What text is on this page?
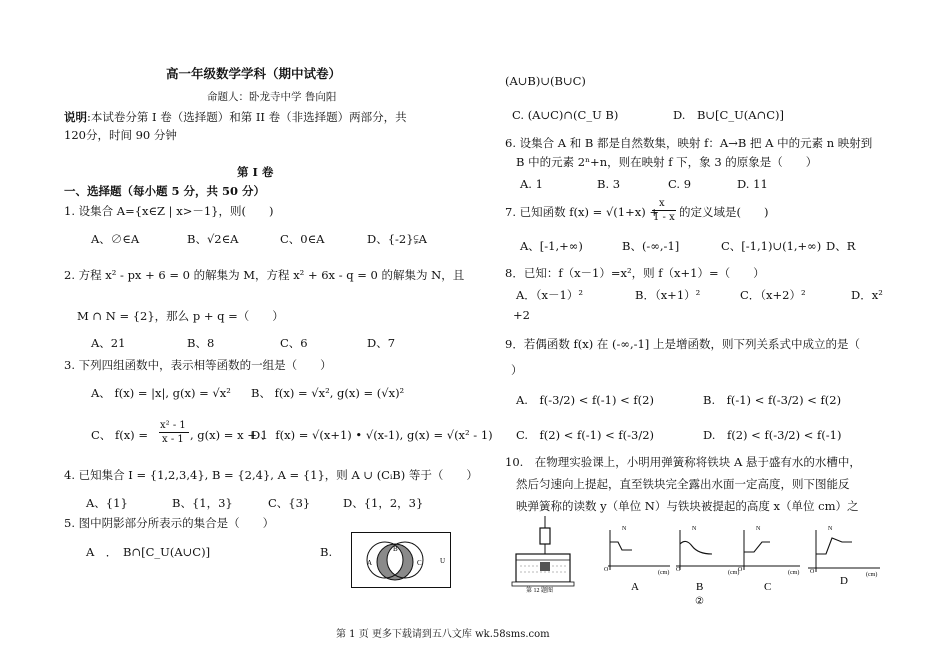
高一年级数学学科（期中试卷）
命题人：卧龙寺中学 鲁向阳
说明:本试卷分第 I 卷（选择题）和第 II 卷（非选择题）两部分，共
120分，时间 90 分钟
第 I 卷
一、选择题（每小题 5 分，共 50 分）
1. 设集合 A={x∈Z | x>－1}，则(　　)
A、∅∈A	B、√2∈A	C、0∈A	D、{-2}⫋A
2. 方程 x² - px + 6 = 0 的解集为 M，方程 x² + 6x - q = 0 的解集为 N，且
M ∩ N = {2}，那么 p + q =（　　）
A、21	B、8	C、6	D、7
3. 下列四组函数中，表示相等函数的一组是（　　）
A、 f(x) = |x|, g(x) = √x² B、 f(x) = √x², g(x) = (√x)²
C、 f(x) =
x² - 1
x - 1 , g(x) = x + 1
D、 f(x) = √(x+1) • √(x-1), g(x) = √(x² - 1)
4. 已知集合 I = {1,2,3,4}, B = {2,4}, A = {1}，则 A ∪ (CᵢB) 等于（　　）
A、{1}	B、{1，3}	C、{3}	D、{1，2，3}
5. 图中阴影部分所表示的集合是（　　）
A　．　B∩[C_U(A∪C)]	B.
A
B
C	U
(A∪B)∪(B∪C)
C. (A∪C)∩(C_U B)	D.　B∪[C_U(A∩C)]
6. 设集合 A 和 B 都是自然数集，映射 f：A→B 把 A 中的元素 n 映射到
B 中的元素 2ⁿ+n，则在映射 f 下，象 3 的原象是（　　）
A. 1	B. 3	C. 9	D. 11
7. 已知函数 f(x) = √(1+x) +
x
1 - x 的定义域是(　　)
A、[-1,+∞)	B、(-∞,-1]	C、[-1,1)∪(1,+∞) D、R
8．已知：f（x－1）=x²，则 f（x+1）=（　　）
A．（x－1）²	B．（x+1）²	C．（x+2）²	D．x²
+2
9．若偶函数 f(x) 在 (-∞,-1] 上是增函数，则下列关系式中成立的是（
）
A.　f(-3/2) < f(-1) < f(2)	B.　f(-1) < f(-3/2) < f(2)
C.　f(2) < f(-1) < f(-3/2)	D.　f(2) < f(-3/2) < f(-1)
10.　在物理实验课上，小明用弹簧称将铁块 A 悬于盛有水的水槽中，
然后匀速向上提起，直至铁块完全露出水面一定高度，则下图能反
映弹簧称的读数 y（单位 N）与铁块被提起的高度 x（单位 cm）之
第 12 题图
N
O	(cm)
A
N
O	(cm)
B
②
N
O	(cm)
C
N
O	(cm)
D
第 1 页 更多下载请到五八文库 wk.58sms.com
